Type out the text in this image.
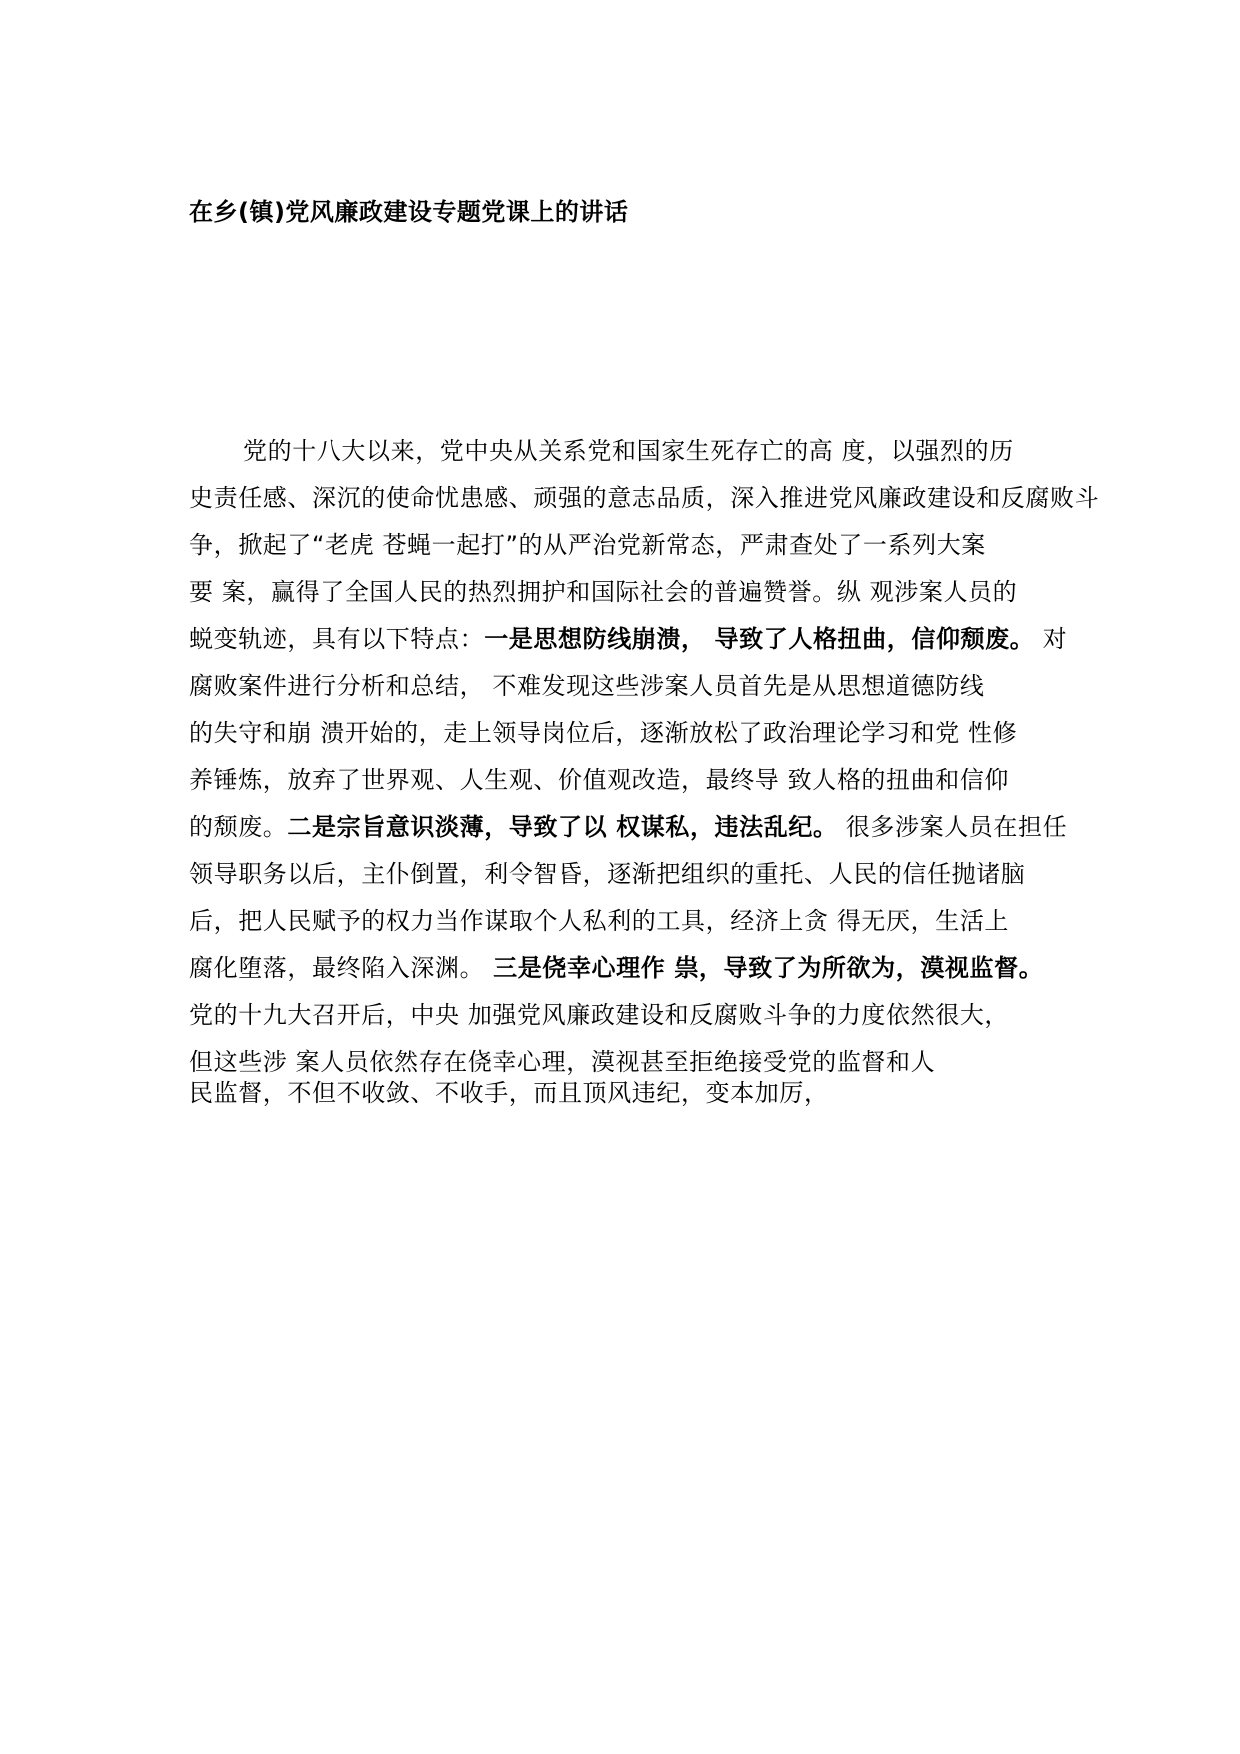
在乡(镇)党风廉政建设专题党课上的讲话
党的十八大以来，党中央从关系党和国家生死存亡的高 度，以强烈的历
史责任感、深沉的使命忧患感、顽强的意志品质，深入推进党风廉政建设和反腐败斗
争，掀起了“老虎 苍蝇一起打”的从严治党新常态，严肃查处了一系列大案
要 案，赢得了全国人民的热烈拥护和国际社会的普遍赞誉。纵 观涉案人员的
蜕变轨迹，具有以下特点：一是思想防线崩溃， 导致了人格扭曲，信仰颓废。 对
腐败案件进行分析和总结， 不难发现这些涉案人员首先是从思想道德防线
的失守和崩 溃开始的，走上领导岗位后，逐渐放松了政治理论学习和党 性修
养锤炼，放弃了世界观、人生观、价值观改造，最终导 致人格的扭曲和信仰
的颓废。二是宗旨意识淡薄，导致了以 权谋私，违法乱纪。 很多涉案人员在担任
领导职务以后，主仆倒置，利令智昏，逐渐把组织的重托、人民的信任抛诸脑
后，把人民赋予的权力当作谋取个人私利的工具，经济上贪 得无厌，生活上
腐化堕落，最终陷入深渊。 三是侥幸心理作 祟，导致了为所欲为，漠视监督。
党的十九大召开后，中央 加强党风廉政建设和反腐败斗争的力度依然很大，
但这些涉 案人员依然存在侥幸心理，漠视甚至拒绝接受党的监督和人
民监督，不但不收敛、不收手，而且顶风违纪，变本加厉，
